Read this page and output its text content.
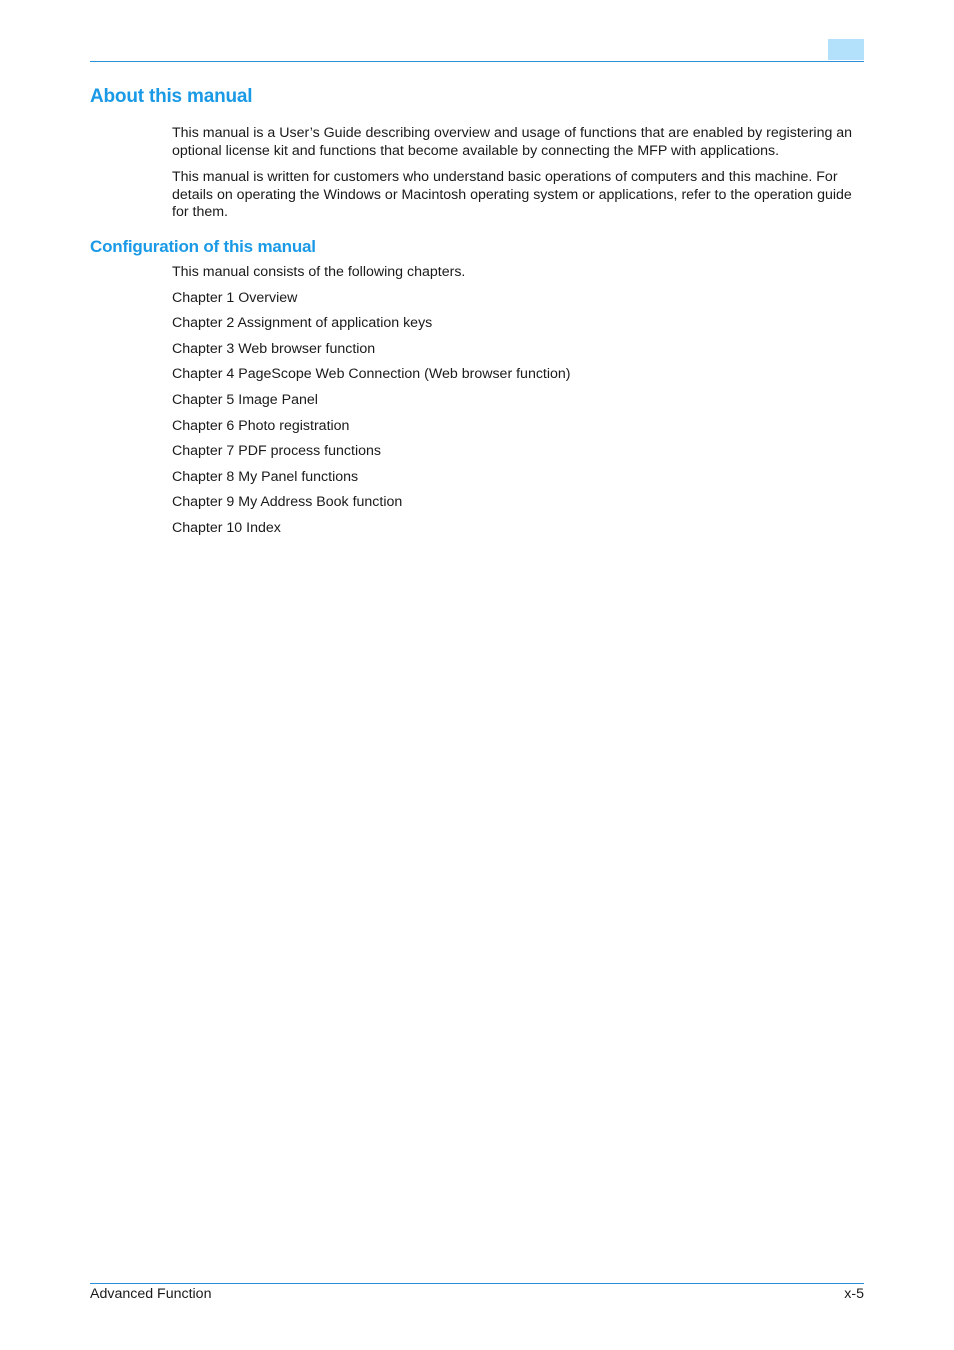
About this manual

This manual is a User’s Guide describing overview and usage of functions that are enabled by registering an optional license kit and functions that become available by connecting the MFP with applications.

This manual is written for customers who understand basic operations of computers and this machine. For details on operating the Windows or Macintosh operating system or applications, refer to the operation guide for them.

Configuration of this manual
This manual consists of the following chapters.
Chapter 1 Overview
Chapter 2 Assignment of application keys
Chapter 3 Web browser function
Chapter 4 PageScope Web Connection (Web browser function)
Chapter 5 Image Panel
Chapter 6 Photo registration
Chapter 7 PDF process functions
Chapter 8 My Panel functions
Chapter 9 My Address Book function
Chapter 10 Index
Advanced Function	x-5
